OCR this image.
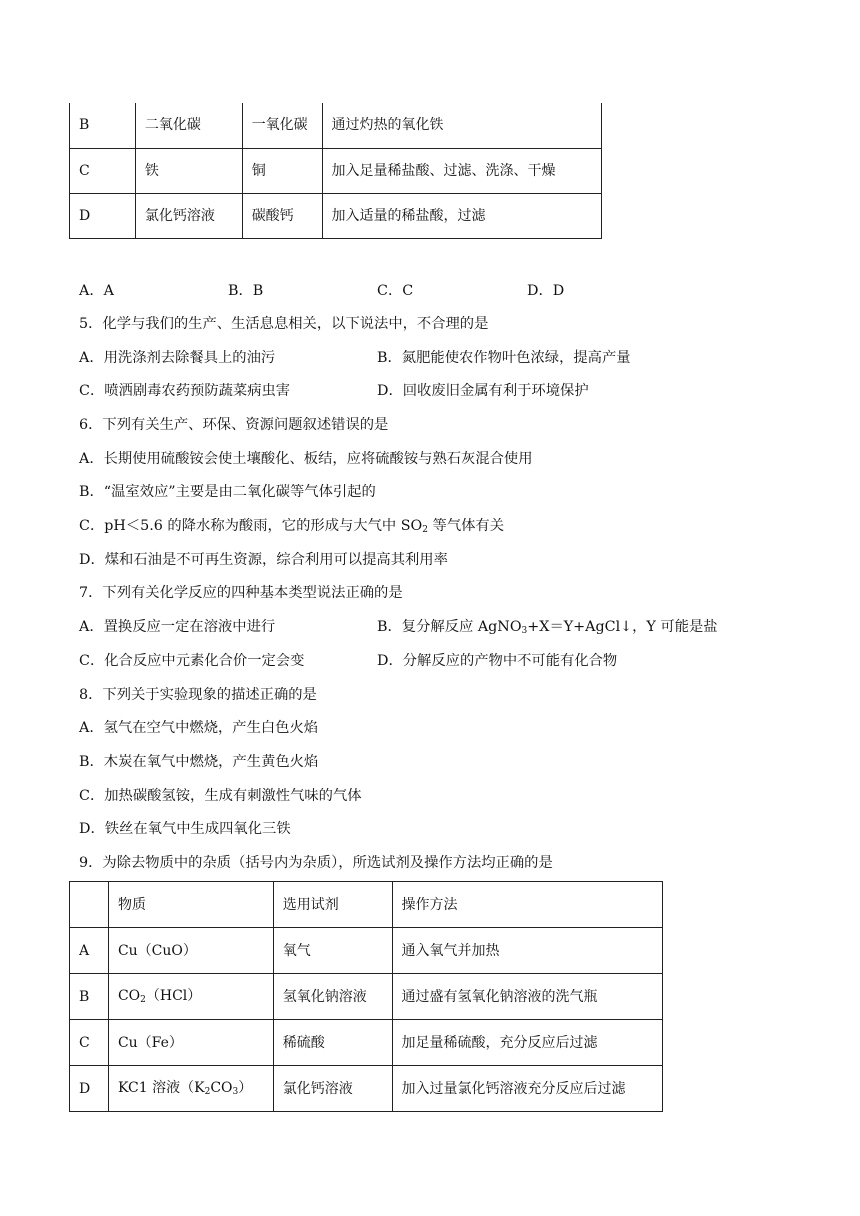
B	二氧化碳	一氧化碳	通过灼热的氧化铁
C	铁	铜	加入足量稀盐酸、过滤、洗涤、干燥
D	氯化钙溶液	碳酸钙	加入适量的稀盐酸，过滤
A．A	B．B	C．C	D．D
5．化学与我们的生产、生活息息相关，以下说法中，不合理的是
A．用洗涤剂去除餐具上的油污	B．氮肥能使农作物叶色浓绿，提高产量
C．喷洒剧毒农药预防蔬菜病虫害	D．回收废旧金属有利于环境保护
6．下列有关生产、环保、资源问题叙述错误的是
A．长期使用硫酸铵会使土壤酸化、板结，应将硫酸铵与熟石灰混合使用
B．“温室效应”主要是由二氧化碳等气体引起的
C．pH＜5.6 的降水称为酸雨，它的形成与大气中 $SO_2$ 等气体有关
D．煤和石油是不可再生资源，综合利用可以提高其利用率
7．下列有关化学反应的四种基本类型说法正确的是
A．置换反应一定在溶液中进行	B．复分解反应 AgNO$_3$+X＝Y+AgCl↓，Y 可能是盐
C．化合反应中元素化合价一定会变	D．分解反应的产物中不可能有化合物
8．下列关于实验现象的描述正确的是
A．氢气在空气中燃烧，产生白色火焰
B．木炭在氧气中燃烧，产生黄色火焰
C．加热碳酸氢铵，生成有刺激性气味的气体
D．铁丝在氧气中生成四氧化三铁
9．为除去物质中的杂质（括号内为杂质），所选试剂及操作方法均正确的是
	物质	选用试剂	操作方法
A	Cu（CuO）	氧气	通入氧气并加热
B	$CO_2(HCl)$	氢氧化钠溶液	通过盛有氢氧化钠溶液的洗气瓶
C	Cu（Fe）	稀硫酸	加足量稀硫酸，充分反应后过滤
D	KC1 溶液$(K_2CO_3)$	氯化钙溶液	加入过量氯化钙溶液充分反应后过滤
